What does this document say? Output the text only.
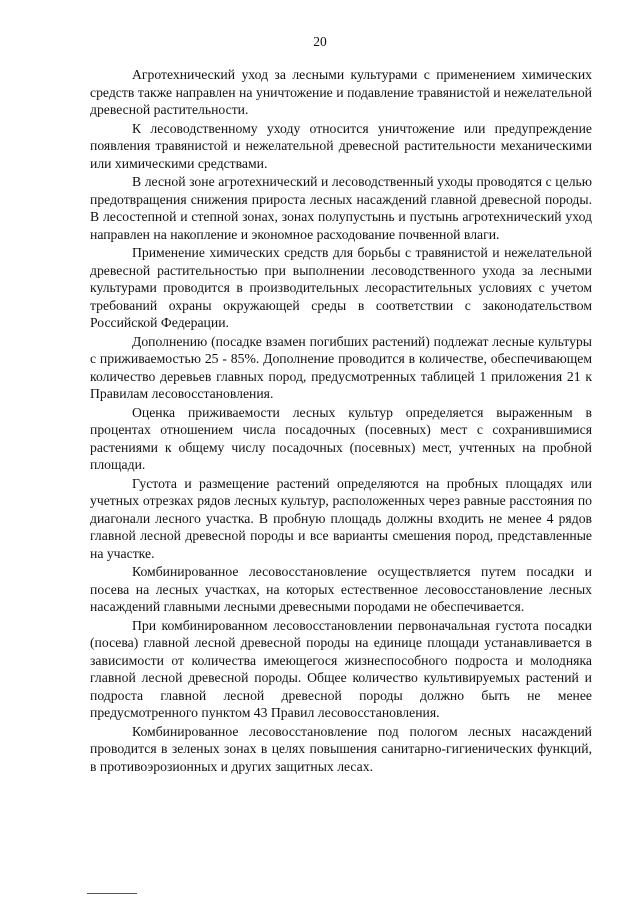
20

Агротехнический уход за лесными культурами с применением химических средств также направлен на уничтожение и подавление травянистой и нежелательной древесной растительности.

К лесоводственному уходу относится уничтожение или предупреждение появления травянистой и нежелательной древесной растительности механическими или химическими средствами.

В лесной зоне агротехнический и лесоводственный уходы проводятся с целью предотвращения снижения прироста лесных насаждений главной древесной породы. В лесостепной и степной зонах, зонах полупустынь и пустынь агротехнический уход направлен на накопление и экономное расходование почвенной влаги.

Применение химических средств для борьбы с травянистой и нежелательной древесной растительностью при выполнении лесоводственного ухода за лесными культурами проводится в производительных лесорастительных условиях с учетом требований охраны окружающей среды в соответствии с законодательством Российской Федерации.

Дополнению (посадке взамен погибших растений) подлежат лесные культуры с приживаемостью 25 - 85%. Дополнение проводится в количестве, обеспечивающем количество деревьев главных пород, предусмотренных таблицей 1 приложения 21 к Правилам лесовосстановления.

Оценка приживаемости лесных культур определяется выраженным в процентах отношением числа посадочных (посевных) мест с сохранившимися растениями к общему числу посадочных (посевных) мест, учтенных на пробной площади.

Густота и размещение растений определяются на пробных площадях или учетных отрезках рядов лесных культур, расположенных через равные расстояния по диагонали лесного участка. В пробную площадь должны входить не менее 4 рядов главной лесной древесной породы и все варианты смешения пород, представленные на участке.

Комбинированное лесовосстановление осуществляется путем посадки и посева на лесных участках, на которых естественное лесовосстановление лесных насаждений главными лесными древесными породами не обеспечивается.

При комбинированном лесовосстановлении первоначальная густота посадки (посева) главной лесной древесной породы на единице площади устанавливается в зависимости от количества имеющегося жизнеспособного подроста и молодняка главной лесной древесной породы. Общее количество культивируемых растений и подроста главной лесной древесной породы должно быть не менее предусмотренного пунктом 43 Правил лесовосстановления.

Комбинированное лесовосстановление под пологом лесных насаждений проводится в зеленых зонах в целях повышения санитарно-гигиенических функций, в противоэрозионных и других защитных лесах.
